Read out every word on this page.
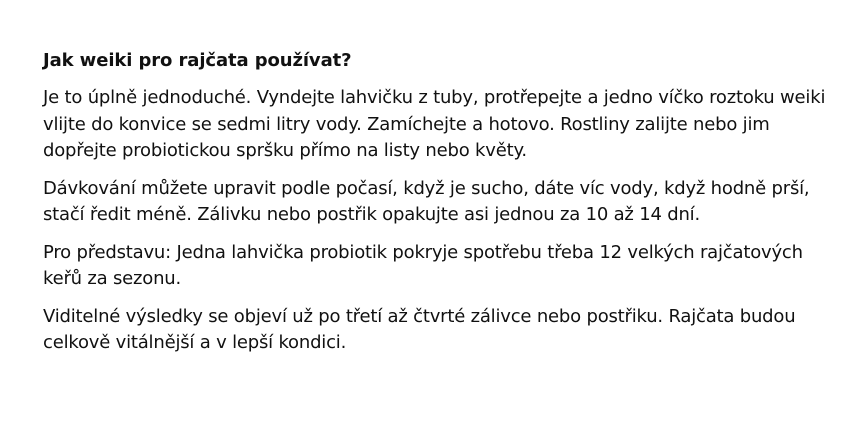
Jak weiki pro rajčata používat?

Je to úplně jednoduché. Vyndejte lahvičku z tuby, protřepejte a jedno víčko roztoku weiki vlijte do konvice se sedmi litry vody. Zamíchejte a hotovo. Rostliny zalijte nebo jim dopřejte probiotickou spršku přímo na listy nebo květy.

Dávkování můžete upravit podle počasí, když je sucho, dáte víc vody, když hodně prší, stačí ředit méně. Zálivku nebo postřik opakujte asi jednou za 10 až 14 dní.

Pro představu: Jedna lahvička probiotik pokryje spotřebu třeba 12 velkých rajčatových keřů za sezonu.

Viditelné výsledky se objeví už po třetí až čtvrté zálivce nebo postřiku. Rajčata budou celkově vitálnější a v lepší kondici.
